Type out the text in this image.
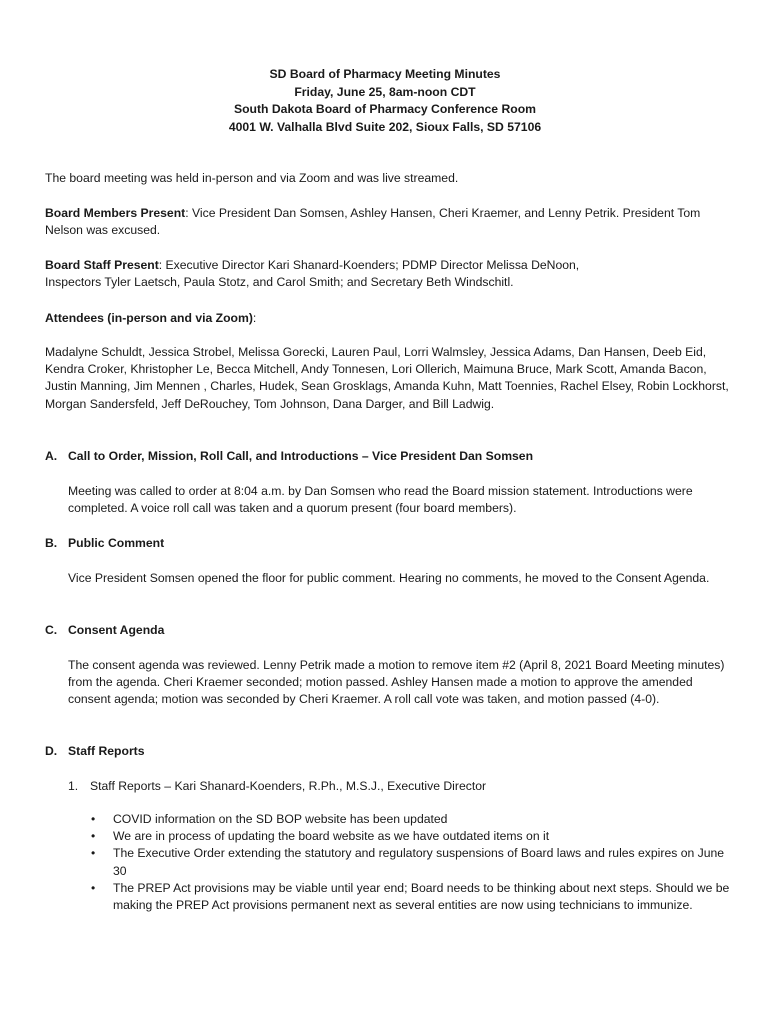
SD Board of Pharmacy Meeting Minutes
Friday, June 25, 8am-noon CDT
South Dakota Board of Pharmacy Conference Room
4001 W. Valhalla Blvd Suite 202, Sioux Falls, SD 57106

The board meeting was held in-person and via Zoom and was live streamed.

Board Members Present: Vice President Dan Somsen, Ashley Hansen, Cheri Kraemer, and Lenny Petrik. President Tom Nelson was excused.

Board Staff Present: Executive Director Kari Shanard-Koenders; PDMP Director Melissa DeNoon, Inspectors Tyler Laetsch, Paula Stotz, and Carol Smith; and Secretary Beth Windschitl.

Attendees (in-person and via Zoom):

Madalyne Schuldt, Jessica Strobel, Melissa Gorecki, Lauren Paul, Lorri Walmsley, Jessica Adams, Dan Hansen, Deeb Eid, Kendra Croker, Khristopher Le, Becca Mitchell, Andy Tonnesen, Lori Ollerich, Maimuna Bruce, Mark Scott, Amanda Bacon, Justin Manning, Jim Mennen , Charles, Hudek, Sean Grosklags, Amanda Kuhn, Matt Toennies, Rachel Elsey, Robin Lockhorst, Morgan Sandersfeld, Jeff DeRouchey, Tom Johnson, Dana Darger, and Bill Ladwig.

A. Call to Order, Mission, Roll Call, and Introductions – Vice President Dan Somsen

Meeting was called to order at 8:04 a.m. by Dan Somsen who read the Board mission statement. Introductions were completed. A voice roll call was taken and a quorum present (four board members).

B. Public Comment

Vice President Somsen opened the floor for public comment. Hearing no comments, he moved to the Consent Agenda.

C. Consent Agenda

The consent agenda was reviewed. Lenny Petrik made a motion to remove item #2 (April 8, 2021 Board Meeting minutes) from the agenda. Cheri Kraemer seconded; motion passed. Ashley Hansen made a motion to approve the amended consent agenda; motion was seconded by Cheri Kraemer. A roll call vote was taken, and motion passed (4-0).

D. Staff Reports
1. Staff Reports – Kari Shanard-Koenders, R.Ph., M.S.J., Executive Director
• COVID information on the SD BOP website has been updated
• We are in process of updating the board website as we have outdated items on it
• The Executive Order extending the statutory and regulatory suspensions of Board laws and rules expires on June 30
• The PREP Act provisions may be viable until year end; Board needs to be thinking about next steps. Should we be making the PREP Act provisions permanent next as several entities are now using technicians to immunize.
